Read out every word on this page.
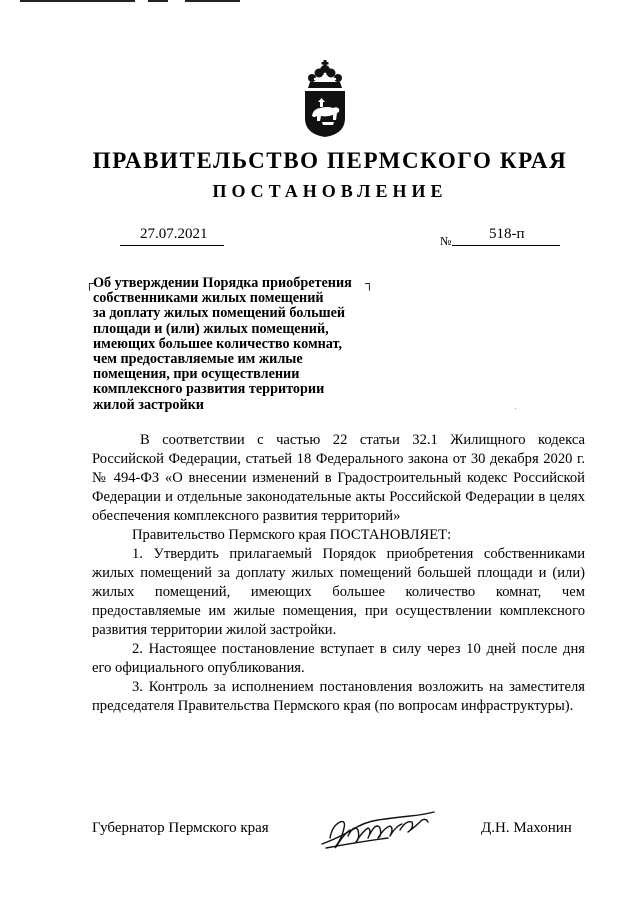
ПРАВИТЕЛЬСТВО ПЕРМСКОГО КРАЯ
ПОСТАНОВЛЕНИЕ
27.07.2021	№	518-п
┌	┐
Об утверждении Порядка приобретения
собственниками жилых помещений
за доплату жилых помещений большей
площади и (или) жилых помещений,
имеющих большее количество комнат,
чем предоставляемые им жилые
помещения, при осуществлении
комплексного развития территории
жилой застройки

В соответствии с частью 22 статьи 32.1 Жилищного кодекса Российской Федерации, статьей 18 Федерального закона от 30 декабря 2020 г. № 494-ФЗ «О внесении изменений в Градостроительный кодекс Российской Федерации и отдельные законодательные акты Российской Федерации в целях обеспечения комплексного развития территорий»

Правительство Пермского края ПОСТАНОВЛЯЕТ:

1. Утвердить прилагаемый Порядок приобретения собственниками жилых помещений за доплату жилых помещений большей площади и (или) жилых помещений, имеющих большее количество комнат, чем предоставляемые им жилые помещения, при осуществлении комплексного развития территории жилой застройки.

2. Настоящее постановление вступает в силу через 10 дней после дня его официального опубликования.

3. Контроль за исполнением постановления возложить на заместителя председателя Правительства Пермского края (по вопросам инфраструктуры).

Губернатор Пермского края	Д.Н. Махонин
